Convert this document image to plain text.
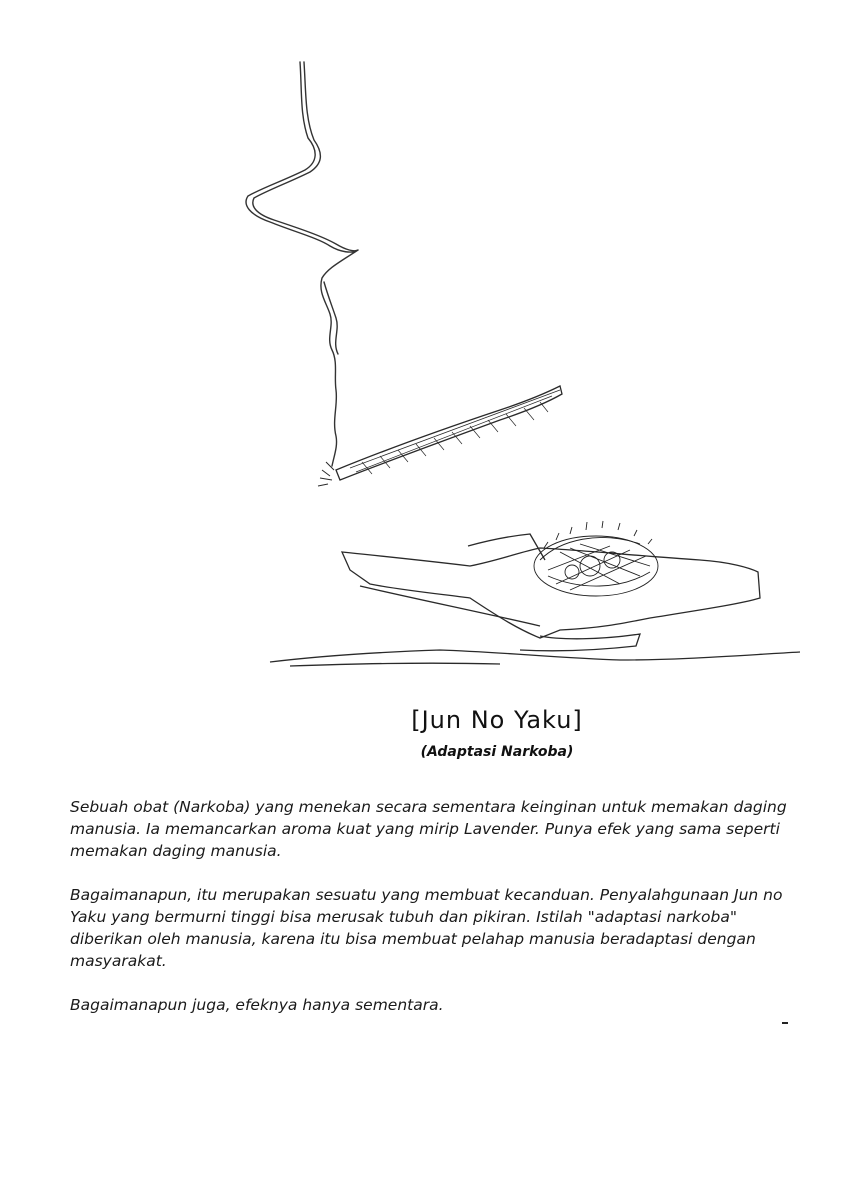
[Jun No Yaku]
(Adaptasi Narkoba)

Sebuah obat (Narkoba) yang menekan secara sementara keinginan untuk memakan daging manusia. Ia memancarkan aroma kuat yang mirip Lavender. Punya efek yang sama seperti memakan daging manusia.

Bagaimanapun, itu merupakan sesuatu yang membuat kecanduan. Penyalahgunaan Jun no Yaku yang bermurni tinggi bisa merusak tubuh dan pikiran. Istilah "adaptasi narkoba" diberikan oleh manusia, karena itu bisa membuat pelahap manusia beradaptasi dengan masyarakat.

Bagaimanapun juga, efeknya hanya sementara.
